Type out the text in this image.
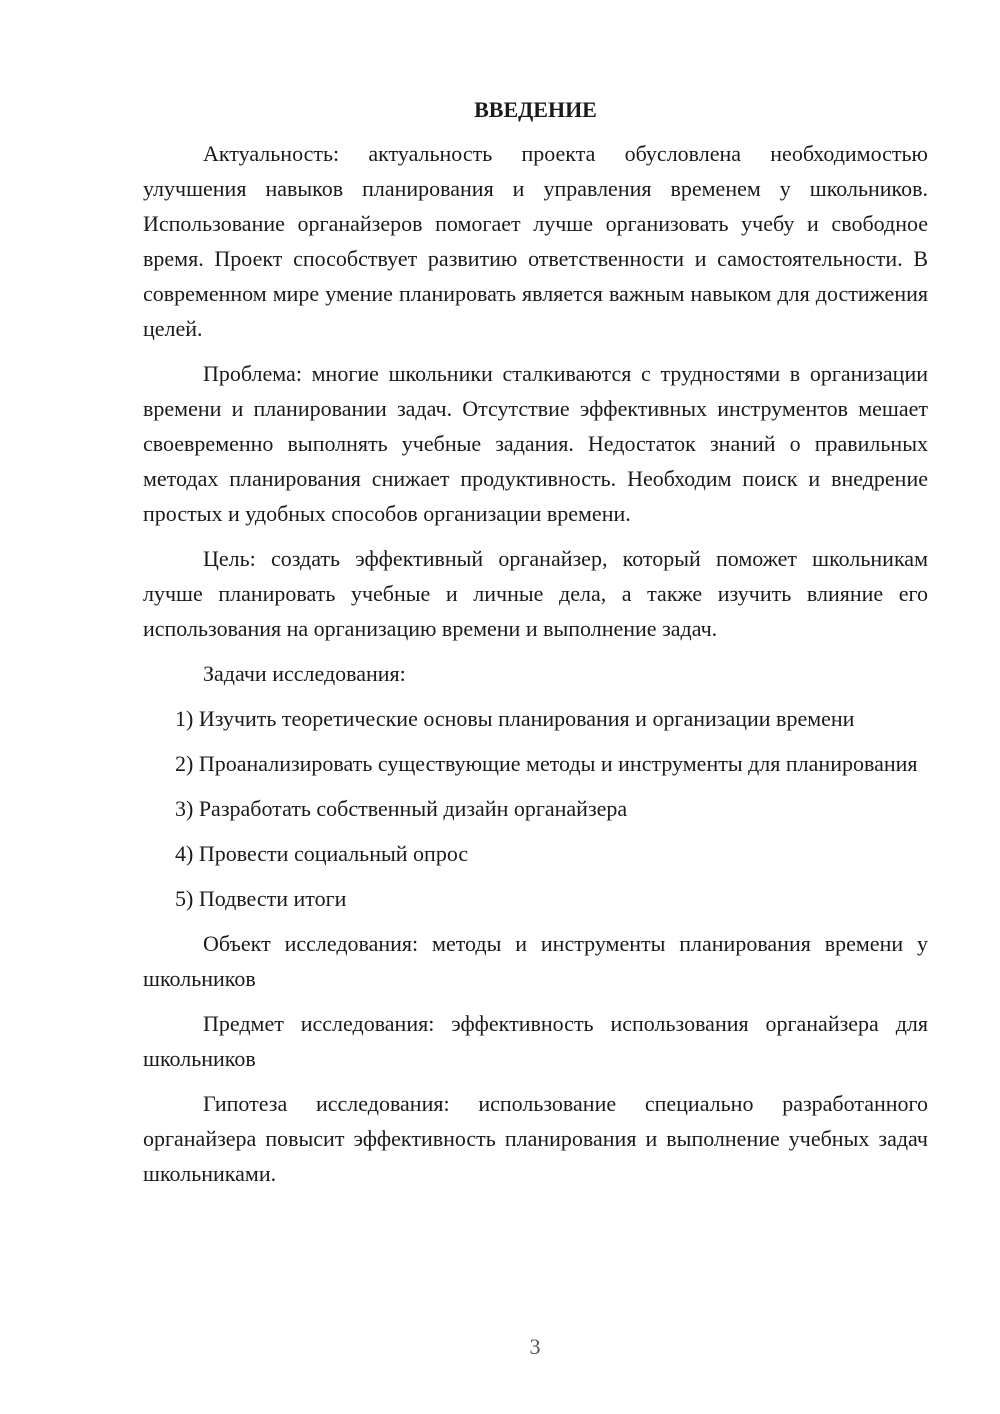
ВВЕДЕНИЕ

Актуальность: актуальность проекта обусловлена необходимостью улучшения навыков планирования и управления временем у школьников. Использование органайзеров помогает лучше организовать учебу и свободное время. Проект способствует развитию ответственности и самостоятельности. В современном мире умение планировать является важным навыком для достижения целей.

Проблема: многие школьники сталкиваются с трудностями в организации времени и планировании задач. Отсутствие эффективных инструментов мешает своевременно выполнять учебные задания. Недостаток знаний о правильных методах планирования снижает продуктивность. Необходим поиск и внедрение простых и удобных способов организации времени.

Цель: создать эффективный органайзер, который поможет школьникам лучше планировать учебные и личные дела, а также изучить влияние его использования на организацию времени и выполнение задач.

Задачи исследования:

1) Изучить теоретические основы планирования и организации времени

2) Проанализировать существующие методы и инструменты для планирования

3) Разработать собственный дизайн органайзера

4) Провести социальный опрос

5) Подвести итоги

Объект исследования: методы и инструменты планирования времени у школьников

Предмет исследования: эффективность использования органайзера для школьников

Гипотеза исследования: использование специально разработанного органайзера повысит эффективность планирования и выполнение учебных задач школьниками.

3
